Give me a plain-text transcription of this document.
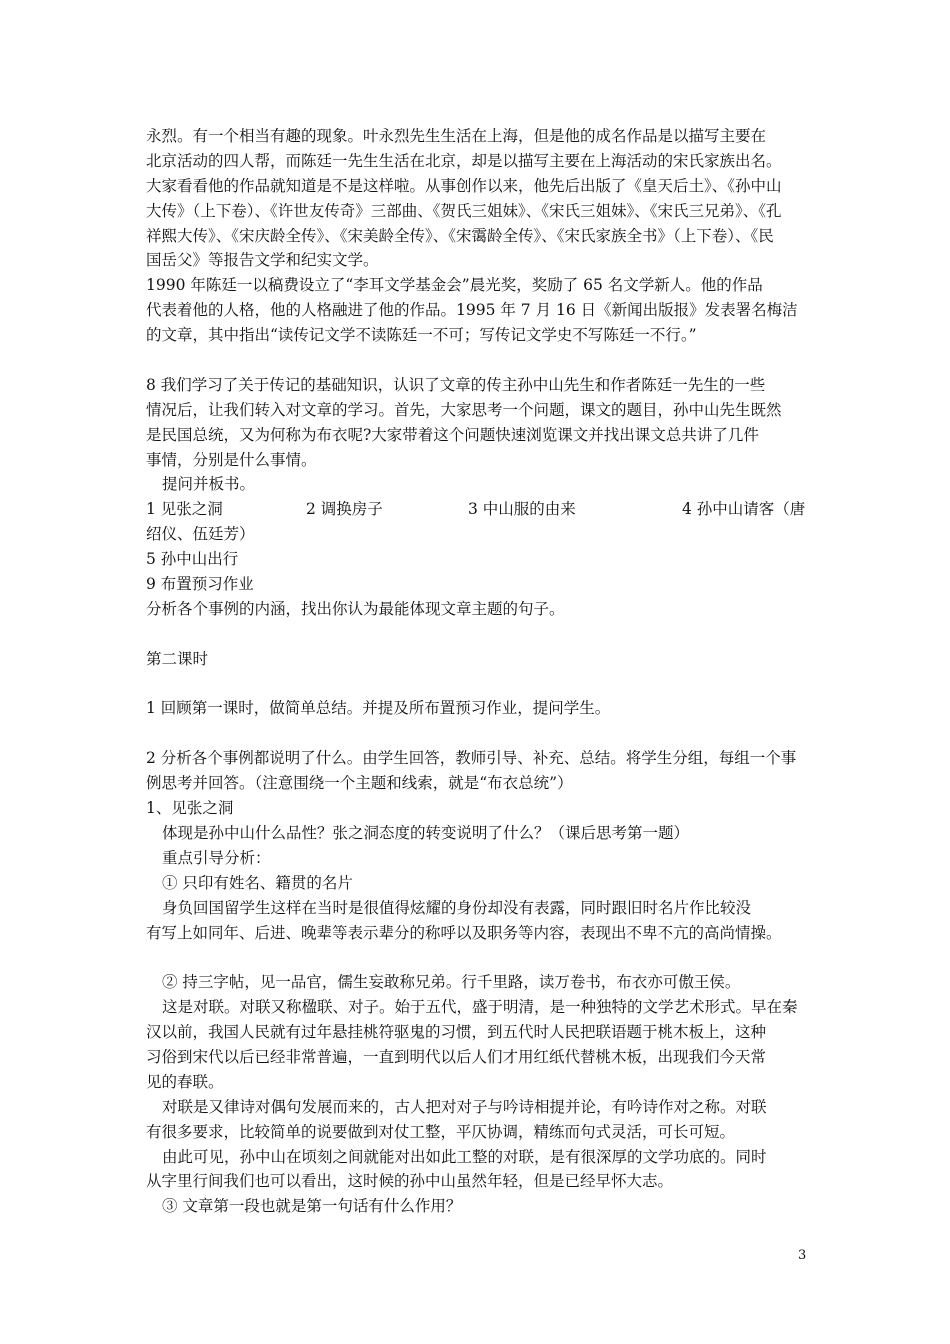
永烈。有一个相当有趣的现象。叶永烈先生生活在上海，但是他的成名作品是以描写主要在
北京活动的四人帮，而陈廷一先生生活在北京，却是以描写主要在上海活动的宋氏家族出名。
大家看看他的作品就知道是不是这样啦。从事创作以来，他先后出版了《皇天后土》、《孙中山
大传》（上下卷）、《许世友传奇》三部曲、《贺氏三姐妹》、《宋氏三姐妹》、《宋氏三兄弟》、《孔
祥熙大传》、《宋庆龄全传》、《宋美龄全传》、《宋霭龄全传》、《宋氏家族全书》（上下卷）、《民
国岳父》等报告文学和纪实文学。
1990 年陈廷一以稿费设立了“李耳文学基金会”晨光奖，奖励了 65 名文学新人。他的作品
代表着他的人格，他的人格融进了他的作品。1995 年 7 月 16 日《新闻出版报》发表署名梅洁
的文章，其中指出“读传记文学不读陈廷一不可；写传记文学史不写陈廷一不行。”
8 我们学习了关于传记的基础知识，认识了文章的传主孙中山先生和作者陈廷一先生的一些
情况后，让我们转入对文章的学习。首先，大家思考一个问题，课文的题目，孙中山先生既然
是民国总统，又为何称为布衣呢?大家带着这个问题快速浏览课文并找出课文总共讲了几件
事情，分别是什么事情。
提问并板书。
1 见张之洞	2 调换房子	3 中山服的由来	4 孙中山请客（唐
绍仪、伍廷芳）
5 孙中山出行
9 布置预习作业
分析各个事例的内涵，找出你认为最能体现文章主题的句子。
第二课时
1 回顾第一课时，做简单总结。并提及所布置预习作业，提问学生。
2 分析各个事例都说明了什么。由学生回答，教师引导、补充、总结。将学生分组，每组一个事
例思考并回答。（注意围绕一个主题和线索，就是“布衣总统”）
1、见张之洞
体现是孙中山什么品性？张之洞态度的转变说明了什么？（课后思考第一题）
重点引导分析：
① 只印有姓名、籍贯的名片
身负回国留学生这样在当时是很值得炫耀的身份却没有表露，同时跟旧时名片作比较没
有写上如同年、后进、晚辈等表示辈分的称呼以及职务等内容，表现出不卑不亢的高尚情操。
② 持三字帖，见一品官，儒生妄敢称兄弟。行千里路，读万卷书，布衣亦可傲王侯。
这是对联。对联又称楹联、对子。始于五代，盛于明清，是一种独特的文学艺术形式。早在秦
汉以前，我国人民就有过年悬挂桃符驱鬼的习惯，到五代时人民把联语题于桃木板上，这种
习俗到宋代以后已经非常普遍，一直到明代以后人们才用红纸代替桃木板，出现我们今天常
见的春联。
对联是又律诗对偶句发展而来的，古人把对对子与吟诗相提并论，有吟诗作对之称。对联
有很多要求，比较简单的说要做到对仗工整，平仄协调，精练而句式灵活，可长可短。
由此可见，孙中山在顷刻之间就能对出如此工整的对联，是有很深厚的文学功底的。同时
从字里行间我们也可以看出，这时候的孙中山虽然年轻，但是已经早怀大志。
③ 文章第一段也就是第一句话有什么作用？
3
